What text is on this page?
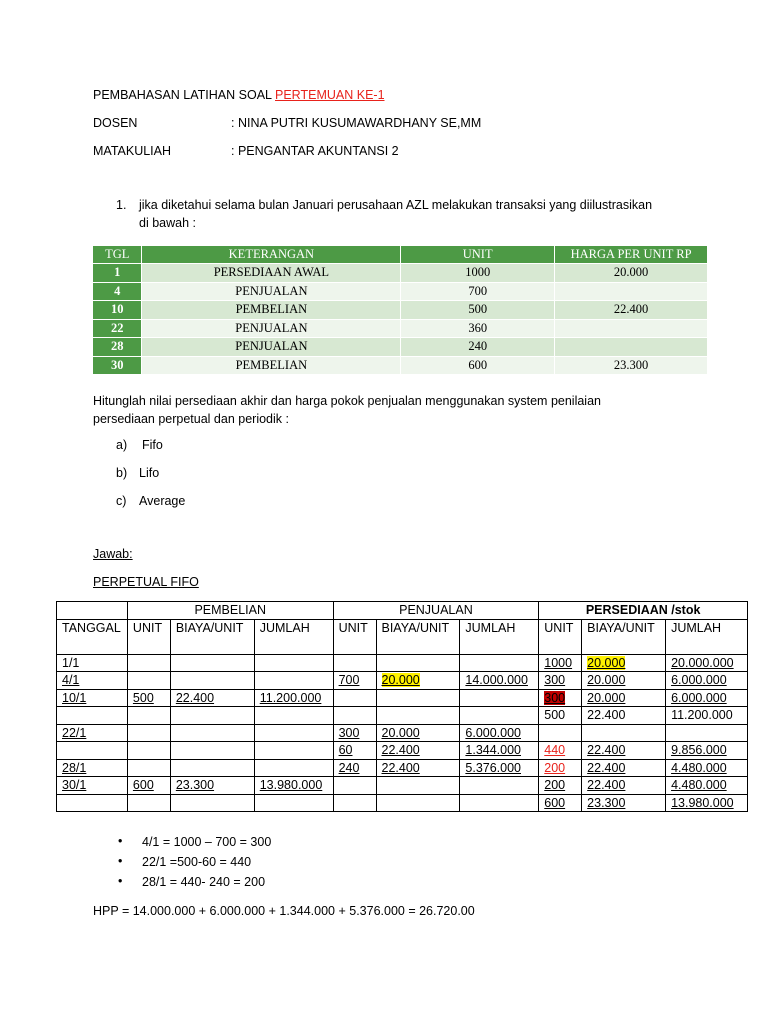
PEMBAHASAN LATIHAN SOAL PERTEMUAN KE-1
DOSEN	: NINA PUTRI KUSUMAWARDHANY SE,MM
MATAKULIAH	: PENGANTAR AKUNTANSI 2
1. jika diketahui selama bulan Januari perusahaan AZL melakukan transaksi yang diilustrasikan
di bawah :
TGL	KETERANGAN	UNIT	HARGA PER UNIT RP
1	PERSEDIAAN AWAL	1000	20.000
4	PENJUALAN	700	
10	PEMBELIAN	500	22.400
22	PENJUALAN	360	
28	PENJUALAN	240	
30	PEMBELIAN	600	23.300
Hitunglah nilai persediaan akhir dan harga pokok penjualan menggunakan system penilaian
persediaan perpetual dan periodik :
a) Fifo
b) Lifo
c) Average
Jawab:
PERPETUAL FIFO
	PEMBELIAN			PENJUALAN			PERSEDIAAN /stok		
TANGGAL	UNIT	BIAYA/UNIT	JUMLAH	UNIT	BIAYA/UNIT	JUMLAH	UNIT	BIAYA/UNIT	JUMLAH
1/1							1000	20.000	20.000.000
4/1				700	20.000	14.000.000	300	20.000	6.000.000
10/1	500	22.400	11.200.000				300	20.000	6.000.000
							500	22.400	11.200.000
22/1				300	20.000	6.000.000			
				60	22.400	1.344.000	440	22.400	9.856.000
28/1				240	22.400	5.376.000	200	22.400	4.480.000
30/1	600	23.300	13.980.000				200	22.400	4.480.000
							600	23.300	13.980.000
• 4/1 = 1000 – 700 = 300
• 22/1 =500-60 = 440
• 28/1 = 440- 240 = 200
HPP = 14.000.000 + 6.000.000 + 1.344.000 + 5.376.000 = 26.720.00
